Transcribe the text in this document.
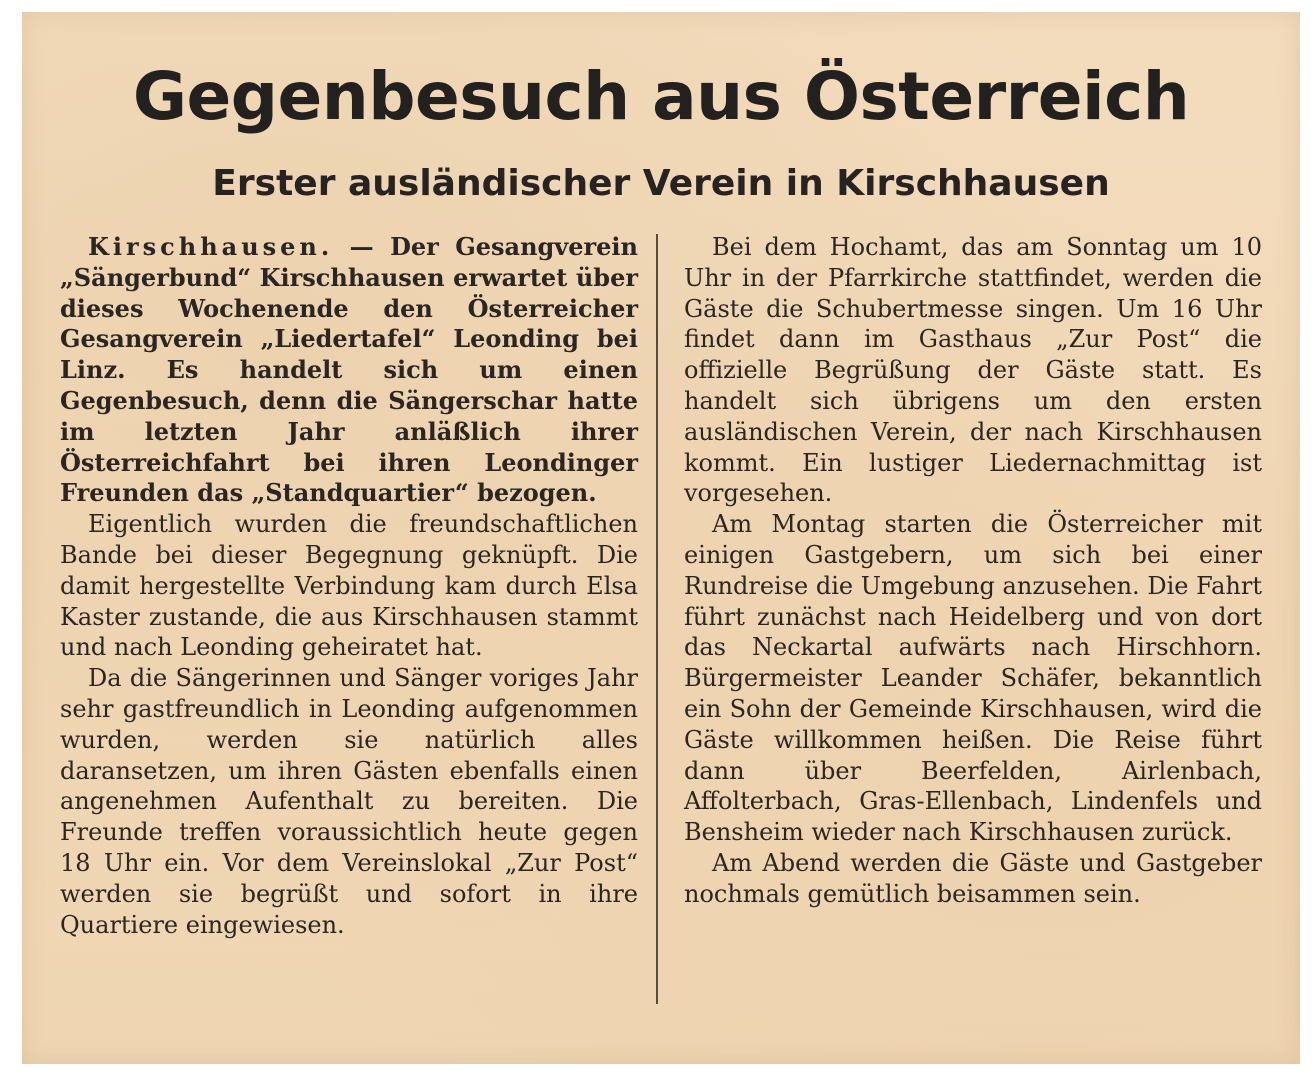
Gegenbesuch aus Österreich
Erster ausländischer Verein in Kirschhausen

Kirschhausen. — Der Gesangverein „Sängerbund“ Kirschhausen erwartet über dieses Wochenende den Österreicher Gesangverein „Liedertafel“ Leonding bei Linz. Es handelt sich um einen Gegenbesuch, denn die Sängerschar hatte im letzten Jahr anläßlich ihrer Österreichfahrt bei ihren Leondinger Freunden das „Standquartier“ bezogen.

Eigentlich wurden die freundschaftlichen Bande bei dieser Begegnung geknüpft. Die damit hergestellte Verbindung kam durch Elsa Kaster zustande, die aus Kirschhausen stammt und nach Leonding geheiratet hat.

Da die Sängerinnen und Sänger voriges Jahr sehr gastfreundlich in Leonding aufgenommen wurden, werden sie natürlich alles daransetzen, um ihren Gästen ebenfalls einen angenehmen Aufenthalt zu bereiten. Die Freunde treffen voraussichtlich heute gegen 18 Uhr ein. Vor dem Vereinslokal „Zur Post“ werden sie begrüßt und sofort in ihre Quartiere eingewiesen.

Bei dem Hochamt, das am Sonntag um 10 Uhr in der Pfarrkirche stattfindet, werden die Gäste die Schubertmesse singen. Um 16 Uhr findet dann im Gasthaus „Zur Post“ die offizielle Begrüßung der Gäste statt. Es handelt sich übrigens um den ersten ausländischen Verein, der nach Kirschhausen kommt. Ein lustiger Liedernachmittag ist vorgesehen.

Am Montag starten die Österreicher mit einigen Gastgebern, um sich bei einer Rundreise die Umgebung anzusehen. Die Fahrt führt zunächst nach Heidelberg und von dort das Neckartal aufwärts nach Hirschhorn. Bürgermeister Leander Schäfer, bekanntlich ein Sohn der Gemeinde Kirschhausen, wird die Gäste willkommen heißen. Die Reise führt dann über Beerfelden, Airlenbach, Affolterbach, Gras-Ellenbach, Lindenfels und Bensheim wieder nach Kirschhausen zurück.

Am Abend werden die Gäste und Gastgeber nochmals gemütlich beisammen sein.
